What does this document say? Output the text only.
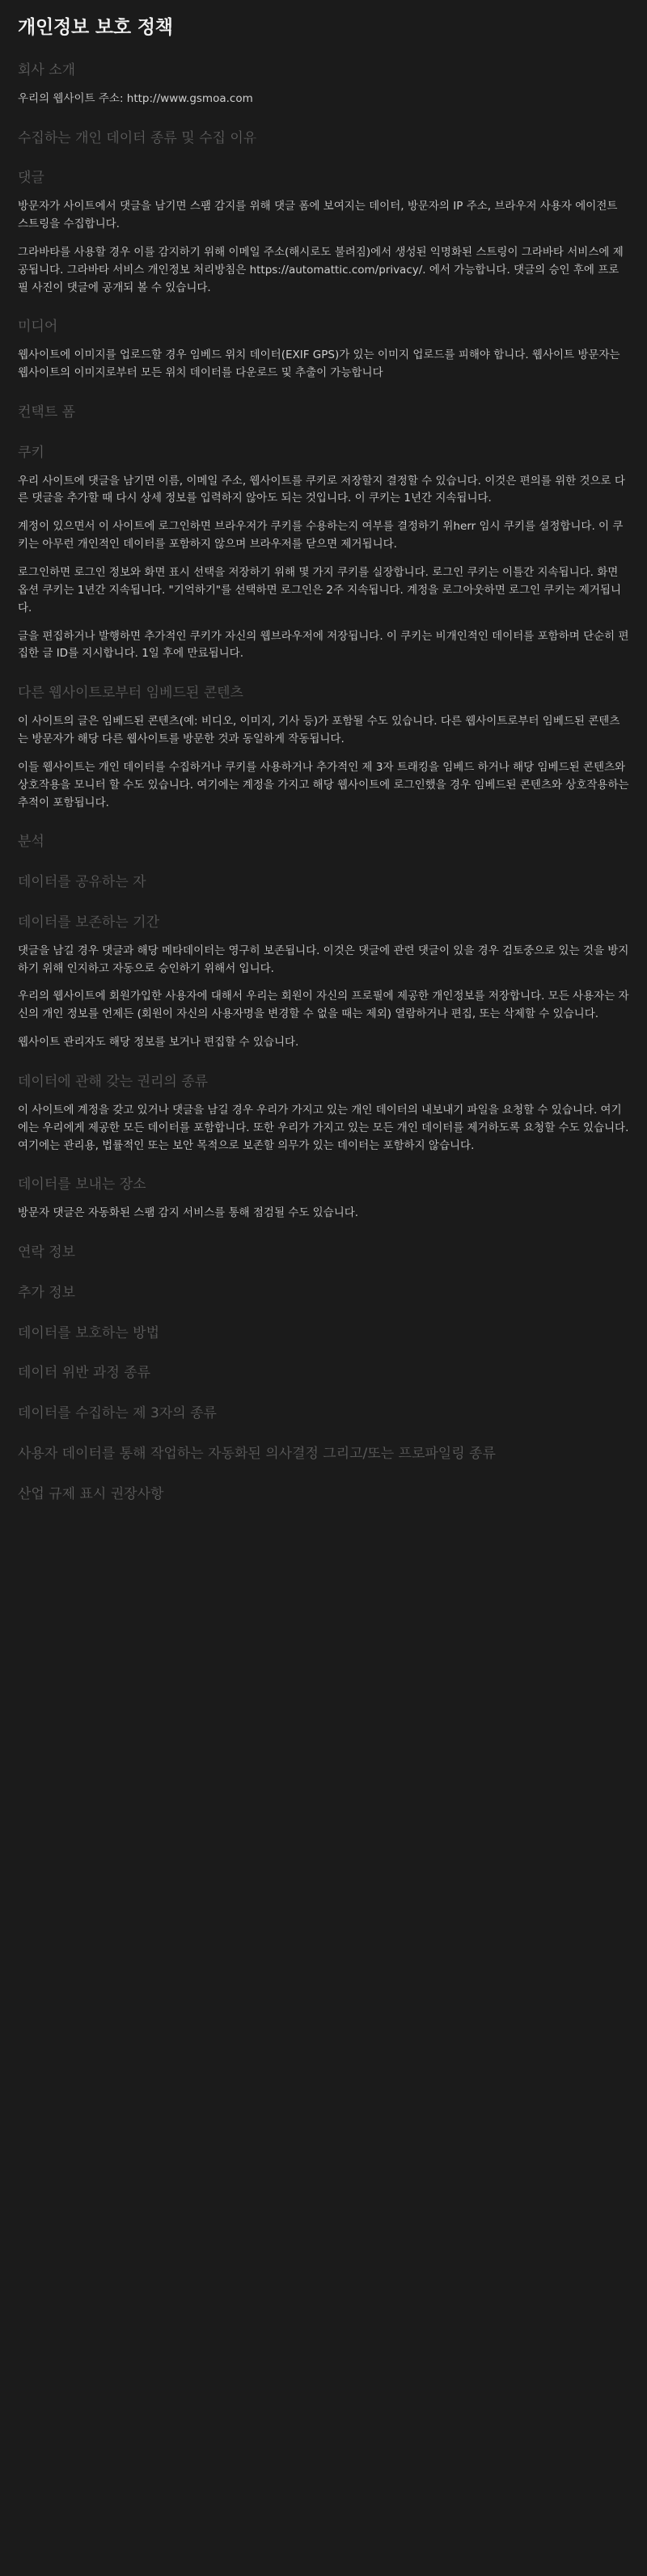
개인정보 보호 정책
회사 소개

우리의 웹사이트 주소: http://www.gsmoa.com

수집하는 개인 데이터 종류 및 수집 이유
댓글

방문자가 사이트에서 댓글을 남기면 스팸 감지를 위해 댓글 폼에 보여지는 데이터, 방문자의 IP 주소, 브라우저 사용자 에이전트 스트링을 수집합니다.

그라바타를 사용할 경우 이를 감지하기 위해 이메일 주소(해시로도 불려짐)에서 생성된 익명화된 스트링이 그라바타 서비스에 제공됩니다. 그라바타 서비스 개인정보 처리방침은 https://automattic.com/privacy/. 에서 가능합니다. 댓글의 승인 후에 프로필 사진이 댓글에 공개되 볼 수 있습니다.

미디어

웹사이트에 이미지를 업로드할 경우 임베드 위치 데이터(EXIF GPS)가 있는 이미지 업로드를 피해야 합니다. 웹사이트 방문자는 웹사이트의 이미지로부터 모든 위치 데이터를 다운로드 및 추출이 가능합니다

컨택트 폼
쿠키

우리 사이트에 댓글을 남기면 이름, 이메일 주소, 웹사이트를 쿠키로 저장할지 결정할 수 있습니다. 이것은 편의를 위한 것으로 다른 댓글을 추가할 때 다시 상세 정보를 입력하지 않아도 되는 것입니다. 이 쿠키는 1년간 지속됩니다.

계정이 있으면서 이 사이트에 로그인하면 브라우저가 쿠키를 수용하는지 여부를 결정하기 위herr 임시 쿠키를 설정합니다. 이 쿠키는 아무런 개인적인 데이터를 포함하지 않으며 브라우저를 닫으면 제거됩니다.

로그인하면 로그인 정보와 화면 표시 선택을 저장하기 위해 몇 가지 쿠키를 실장합니다. 로그인 쿠키는 이틀간 지속됩니다. 화면 옵션 쿠키는 1년간 지속됩니다. "기억하기"를 선택하면 로그인은 2주 지속됩니다. 계정을 로그아웃하면 로그인 쿠키는 제거됩니다.

글을 편집하거나 발행하면 추가적인 쿠키가 자신의 웹브라우저에 저장됩니다. 이 쿠키는 비개인적인 데이터를 포함하며 단순히 편집한 글 ID를 지시합니다. 1일 후에 만료됩니다.

다른 웹사이트로부터 임베드된 콘텐츠

이 사이트의 글은 임베드된 콘텐츠(예: 비디오, 이미지, 기사 등)가 포함될 수도 있습니다. 다른 웹사이트로부터 임베드된 콘텐츠는 방문자가 해당 다른 웹사이트를 방문한 것과 동일하게 작동됩니다.

이들 웹사이트는 개인 데이터를 수집하거나 쿠키를 사용하거나 추가적인 제 3자 트래킹을 임베드 하거나 해당 임베드된 콘텐츠와 상호작용을 모니터 할 수도 있습니다. 여기에는 계정을 가지고 해당 웹사이트에 로그인했을 경우 임베드된 콘텐츠와 상호작용하는 추적이 포함됩니다.

분석
데이터를 공유하는 자
데이터를 보존하는 기간

댓글을 남길 경우 댓글과 해당 메타데이터는 영구히 보존됩니다. 이것은 댓글에 관련 댓글이 있을 경우 검토중으로 있는 것을 방지하기 위해 인지하고 자동으로 승인하기 위해서 입니다.

우리의 웹사이트에 회원가입한 사용자에 대해서 우리는 회원이 자신의 프로필에 제공한 개인정보를 저장합니다. 모든 사용자는 자신의 개인 정보를 언제든 (회원이 자신의 사용자명을 변경할 수 없을 때는 제외) 열람하거나 편집, 또는 삭제할 수 있습니다.

웹사이트 관리자도 해당 정보를 보거나 편집할 수 있습니다.

데이터에 관해 갖는 권리의 종류

이 사이트에 계정을 갖고 있거나 댓글을 남길 경우 우리가 가지고 있는 개인 데이터의 내보내기 파일을 요청할 수 있습니다. 여기에는 우리에게 제공한 모든 데이터를 포함합니다. 또한 우리가 가지고 있는 모든 개인 데이터를 제거하도록 요청할 수도 있습니다. 여기에는 관리용, 법률적인 또는 보안 목적으로 보존할 의무가 있는 데이터는 포함하지 않습니다.

데이터를 보내는 장소

방문자 댓글은 자동화된 스팸 감지 서비스를 통해 점검될 수도 있습니다.

연락 정보
추가 정보
데이터를 보호하는 방법
데이터 위반 과정 종류
데이터를 수집하는 제 3자의 종류
사용자 데이터를 통해 작업하는 자동화된 의사결정 그리고/또는 프로파일링 종류
산업 규제 표시 권장사항
